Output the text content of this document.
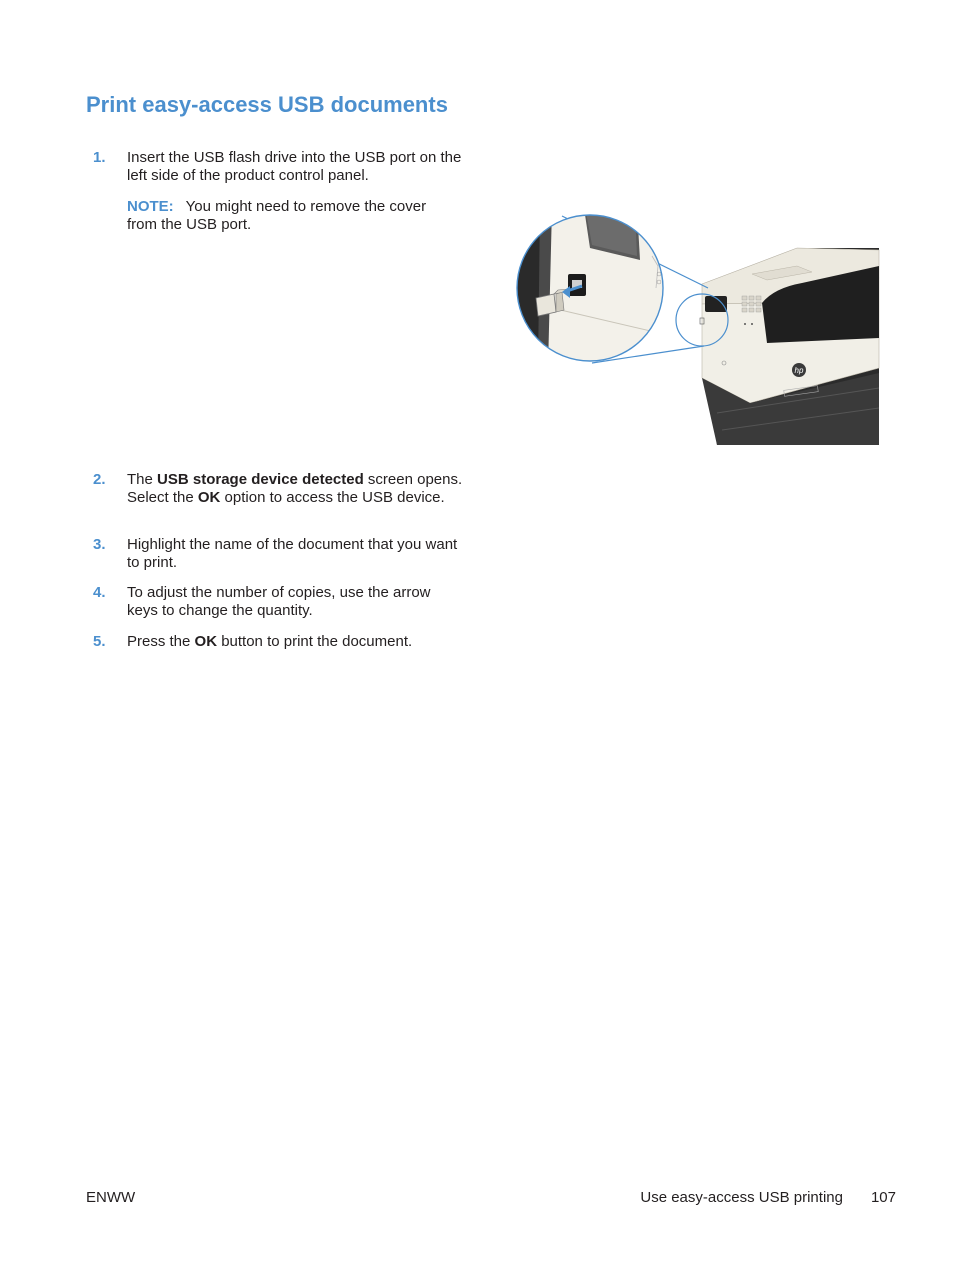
Print easy-access USB documents
1.	Insert the USB flash drive into the USB port on the left side of the product control panel.
NOTE: You might need to remove the cover from the USB port.
hp
2.	The USB storage device detected screen opens. Select the OK option to access the USB device.
3.	Highlight the name of the document that you want to print.
4.	To adjust the number of copies, use the arrow keys to change the quantity.
5.	Press the OK button to print the document.
ENWW	Use easy-access USB printing 107
